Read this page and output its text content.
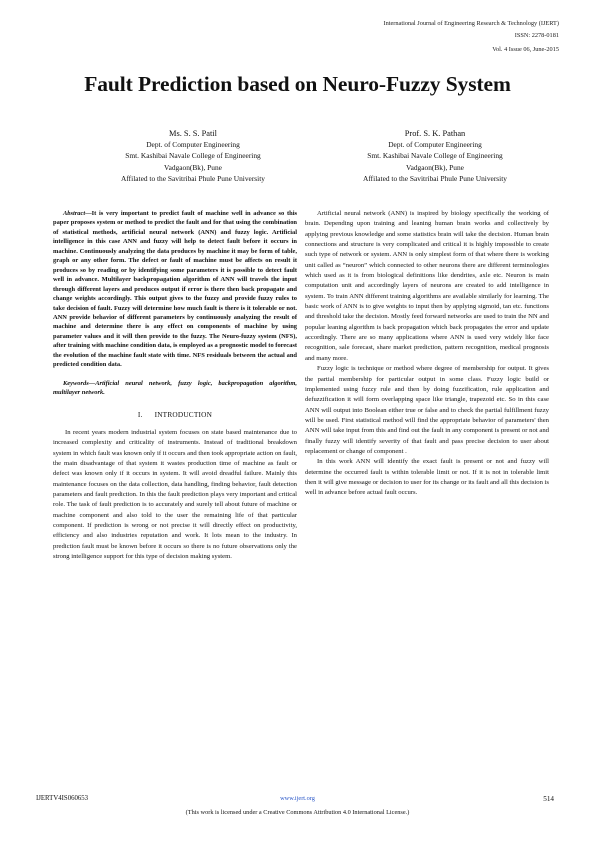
International Journal of Engineering Research & Technology (IJERT)
ISSN: 2278-0181
Vol. 4 Issue 06, June-2015
Fault Prediction based on Neuro-Fuzzy System
Ms. S. S. Patil
Dept. of Computer Engineering
Smt. Kashibai Navale College of Engineering
Vadgaon(Bk), Pune
Affilated to the Savitribai Phule Pune University
Prof. S. K. Pathan
Dept. of Computer Engineering
Smt. Kashibai Navale College of Engineering
Vadgaon(Bk), Pune
Affilated to the Savitribai Phule Pune University

Abstract—It is very important to predict fault of machine well in advance so this paper proposes system or method to predict the fault and for that using the combination of statistical methods, artificial neural network (ANN) and fuzzy logic. Artificial intelligence in this case ANN and fuzzy will help to detect fault before it occurs in machine. Continuously analyzing the data produces by machine it may be form of table, graph or any other form. The defect or fault of machine must be affects on result it produces so by reading or by identifying some parameters it is possible to detect fault well in advance. Multilayer backpropagation algorithm of ANN will travels the input through different layers and produces output if error is there then back propagate and change weights accordingly. This output gives to the fuzzy and provide fuzzy rules to take decision of fault. Fuzzy will determine how much fault is there is it tolerable or not. ANN provide behavior of different parameters by continuously analyzing the result of machine and determine there is any effect on components of machine by using parameter values and it will then provide to the fuzzy. The Neuro-fuzzy system (NFS), after training with machine condition data, is employed as a prognostic model to forecast the evolution of the machine fault state with time. NFS residuals between the actual and predicted condition data.

Keywords—Artificial neural network, fuzzy logic, backpropagation algorithm, multilayer network.

I. INTRODUCTION

In recent years modern industrial system focuses on state based maintenance due to increased complexity and criticality of instruments. Instead of traditional breakdown system in which fault was known only if it occurs and then took appropriate action on fault, the main disadvantage of that system it wastes production time of machine as fault or defect was known only if it occurs in system. It will avoid dreadful failure. Mainly this maintenance focuses on the data collection, data handling, finding behavior, fault detection parameters and fault prediction. In this the fault prediction plays very important and critical role. The task of fault prediction is to accurately and surely tell about future of machine or machine component and also told to the user the remaining life of that particular component. If prediction is wrong or not precise it will directly effect on productivity, efficiency and also industries reputation and work. It lots mean to the industry. In prediction fault must be known before it occurs so there is no future observations only the strong intelligence support for this type of decision making system.

Artificial neural network (ANN) is inspired by biology specifically the working of brain. Depending upon training and leaning human brain works and collectively by applying previous knowledge and some statistics brain will take the decision. Human brain connections and structure is very complicated and critical it is highly impossible to create such type of network or system. ANN is only simplest form of that where there is working unit called as “neuron” which connected to other neurons there are different terminologies which used as it is from biological definitions like dendrites, axle etc. Neuron is main computation unit and accordingly layers of neurons are created to add intelligence in system. To train ANN different training algorithms are available similarly for learning. The basic work of ANN is to give weights to input then by applying sigmoid, tan etc. functions and threshold take the decision. Mostly feed forward networks are used to train the NN and popular leaning algorithm is back propagation which back propagates the error and update accordingly. There are so many applications where ANN is used very widely like face recognition, sale forecast, share market prediction, pattern recognition, medical prognosis and many more.

Fuzzy logic is technique or method where degree of membership for output. It gives the partial membership for particular output in some class. Fuzzy logic build or implemented using fuzzy rule and then by doing fuzzification, rule application and defuzzification it will form overlapping space like triangle, trapezoid etc. So in this case ANN will output into Boolean either true or false and to check the partial fulfillment fuzzy will be used. First statistical method will find the appropriate behavior of parameters' then ANN will take input from this and find out the fault in any component is present or not and finally fuzzy will identify severity of that fault and pass precise decision to user about replacement or change of component .

In this work ANN will identify the exact fault is present or not and fuzzy will determine the occurred fault is within tolerable limit or not. If it is not in tolerable limit then it will give message or decision to user for its change or its fault and all this decision is well in advance before actual fault occurs.

IJERTV4IS060653	www.ijert.org	514
(This work is licensed under a Creative Commons Attribution 4.0 International License.)
